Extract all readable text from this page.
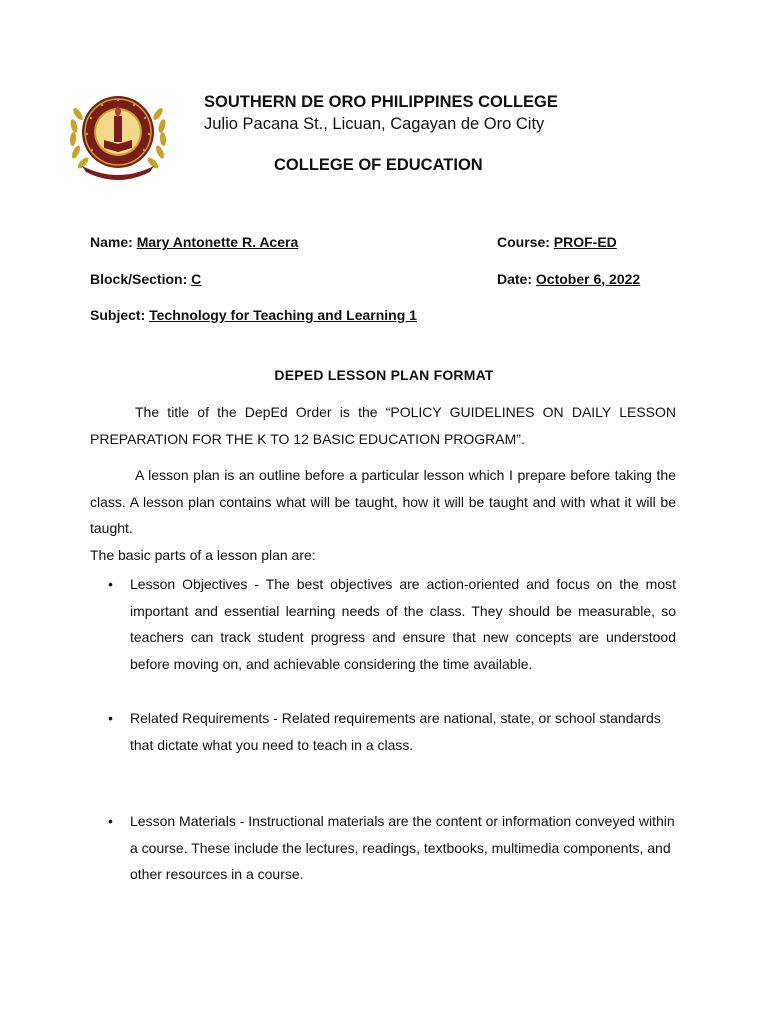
SOUTHERN DE ORO PHILIPPINES COLLEGE
Julio Pacana St., Licuan, Cagayan de Oro City
COLLEGE OF EDUCATION
Name: Mary Antonette R. Acera	Course: PROF-ED
Block/Section: C	Date: October 6, 2022
Subject: Technology for Teaching and Learning 1
DEPED LESSON PLAN FORMAT
The title of the DepEd Order is the “POLICY GUIDELINES ON DAILY LESSON PREPARATION FOR THE K TO 12 BASIC EDUCATION PROGRAM”.
A lesson plan is an outline before a particular lesson which I prepare before taking the class. A lesson plan contains what will be taught, how it will be taught and with what it will be taught.
The basic parts of a lesson plan are:
•	Lesson Objectives - The best objectives are action-oriented and focus on the most important and essential learning needs of the class. They should be measurable, so teachers can track student progress and ensure that new concepts are understood before moving on, and achievable considering the time available.
•	Related Requirements - Related requirements are national, state, or school standards that dictate what you need to teach in a class.
•	Lesson Materials - Instructional materials are the content or information conveyed within a course. These include the lectures, readings, textbooks, multimedia components, and other resources in a course.
